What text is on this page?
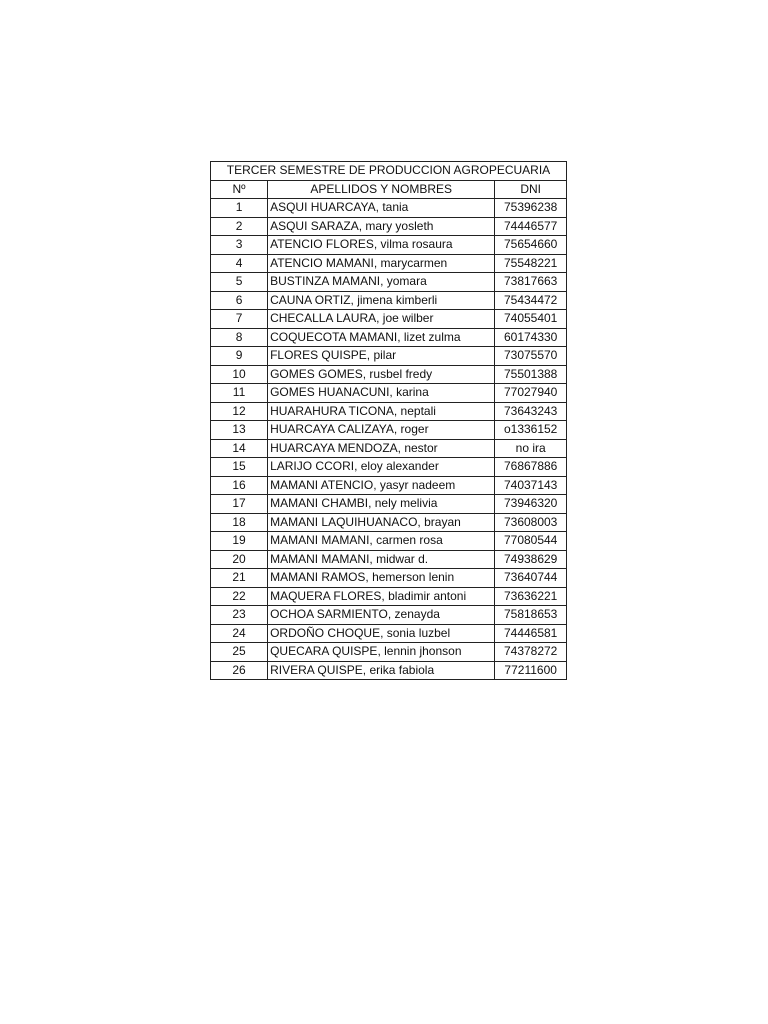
TERCER SEMESTRE DE PRODUCCION AGROPECUARIA		
Nº	APELLIDOS Y NOMBRES	DNI
1	ASQUI HUARCAYA, tania	75396238
2	ASQUI SARAZA, mary yosleth	74446577
3	ATENCIO FLORES, vilma rosaura	75654660
4	ATENCIO MAMANI, marycarmen	75548221
5	BUSTINZA MAMANI, yomara	73817663
6	CAUNA ORTIZ, jimena kimberli	75434472
7	CHECALLA LAURA, joe wilber	74055401
8	COQUECOTA MAMANI, lizet zulma	60174330
9	FLORES QUISPE, pilar	73075570
10	GOMES GOMES, rusbel fredy	75501388
11	GOMES HUANACUNI, karina	77027940
12	HUARAHURA TICONA, neptali	73643243
13	HUARCAYA CALIZAYA, roger	o1336152
14	HUARCAYA MENDOZA, nestor	no ira
15	LARIJO CCORI, eloy alexander	76867886
16	MAMANI ATENCIO, yasyr nadeem	74037143
17	MAMANI CHAMBI, nely melivia	73946320
18	MAMANI LAQUIHUANACO, brayan	73608003
19	MAMANI MAMANI, carmen rosa	77080544
20	MAMANI MAMANI, midwar d.	74938629
21	MAMANI RAMOS, hemerson lenin	73640744
22	MAQUERA FLORES, bladimir antoni	73636221
23	OCHOA SARMIENTO, zenayda	75818653
24	ORDOÑO CHOQUE, sonia luzbel	74446581
25	QUECARA QUISPE, lennin jhonson	74378272
26	RIVERA QUISPE, erika fabiola	77211600
